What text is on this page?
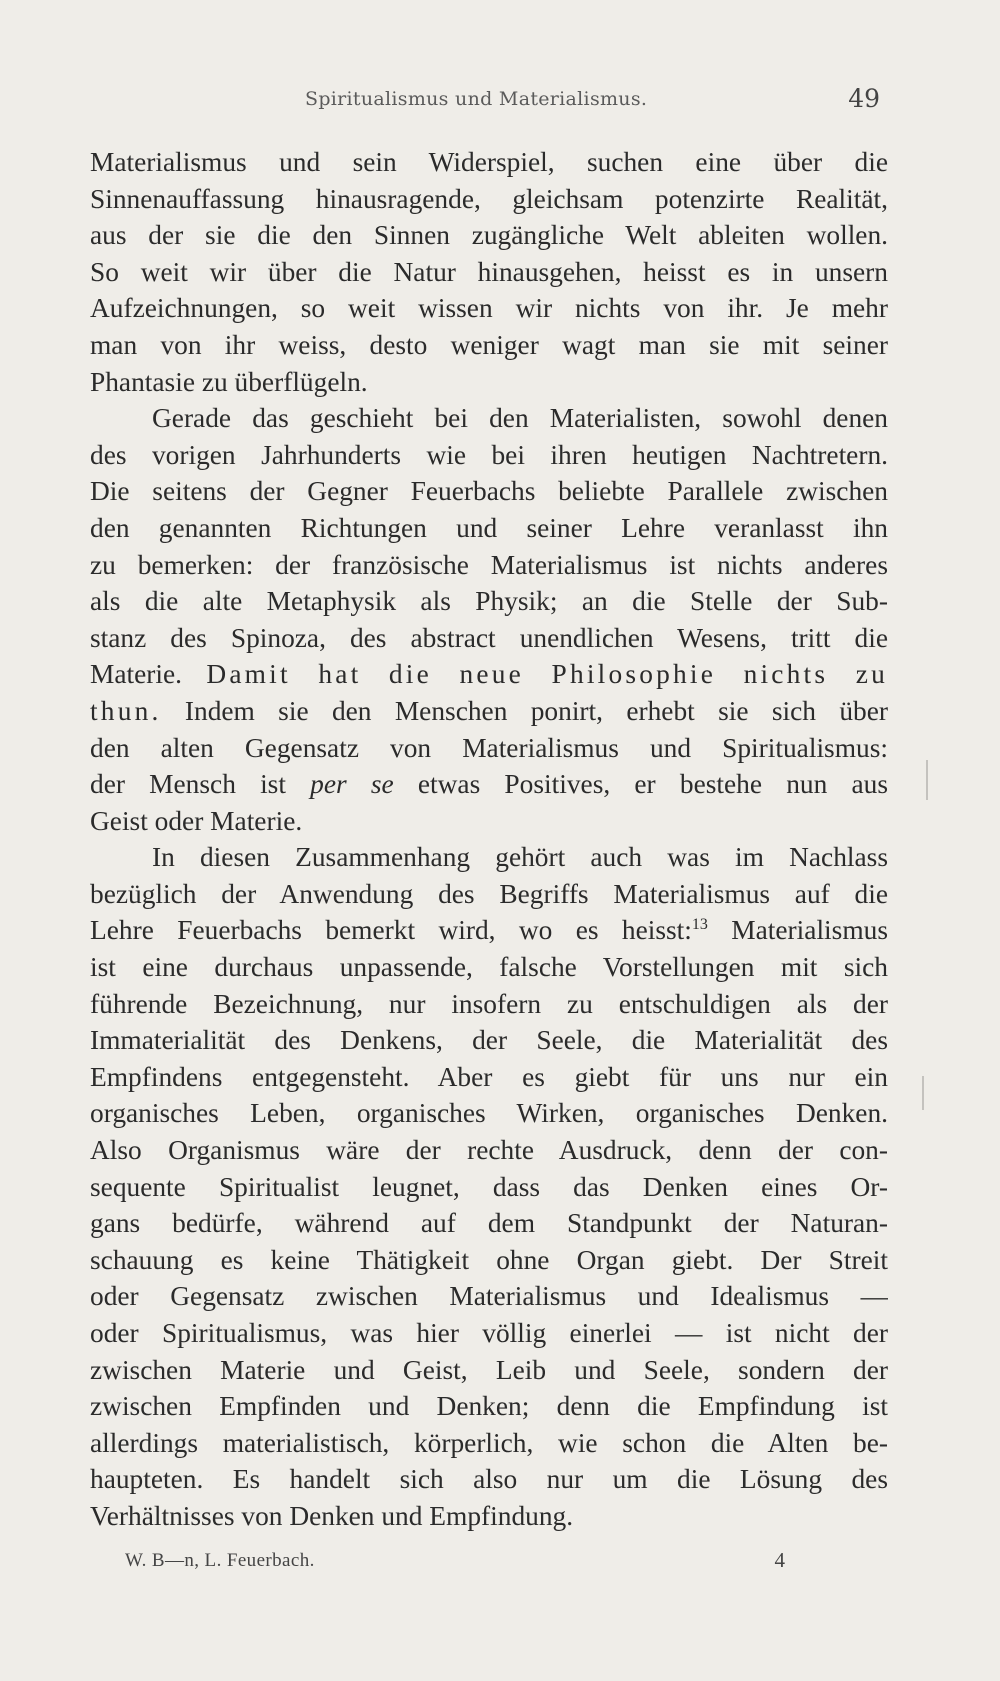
Spiritualismus und Materialismus.	49
Materialismus und sein Widerspiel, suchen eine über die
Sinnenauffassung hinausragende, gleichsam potenzirte Realität,
aus der sie die den Sinnen zugängliche Welt ableiten wollen.
So weit wir über die Natur hinausgehen, heisst es in unsern
Aufzeichnungen, so weit wissen wir nichts von ihr. Je mehr
man von ihr weiss, desto weniger wagt man sie mit seiner
Phantasie zu überflügeln.
Gerade das geschieht bei den Materialisten, sowohl denen
des vorigen Jahrhunderts wie bei ihren heutigen Nachtretern.
Die seitens der Gegner Feuerbachs beliebte Parallele zwischen
den genannten Richtungen und seiner Lehre veranlasst ihn
zu bemerken: der französische Materialismus ist nichts anderes
als die alte Metaphysik als Physik; an die Stelle der Sub-
stanz des Spinoza, des abstract unendlichen Wesens, tritt die
Materie. Damit hat die neue Philosophie nichts zu
thun. Indem sie den Menschen ponirt, erhebt sie sich über
den alten Gegensatz von Materialismus und Spiritualismus:
der Mensch ist per se etwas Positives, er bestehe nun aus
Geist oder Materie.
In diesen Zusammenhang gehört auch was im Nachlass
bezüglich der Anwendung des Begriffs Materialismus auf die
Lehre Feuerbachs bemerkt wird, wo es heisst:$^{13}$ Materialismus
ist eine durchaus unpassende, falsche Vorstellungen mit sich
führende Bezeichnung, nur insofern zu entschuldigen als der
Immaterialität des Denkens, der Seele, die Materialität des
Empfindens entgegensteht. Aber es giebt für uns nur ein
organisches Leben, organisches Wirken, organisches Denken.
Also Organismus wäre der rechte Ausdruck, denn der con-
sequente Spiritualist leugnet, dass das Denken eines Or-
gans bedürfe, während auf dem Standpunkt der Naturan-
schauung es keine Thätigkeit ohne Organ giebt. Der Streit
oder Gegensatz zwischen Materialismus und Idealismus —
oder Spiritualismus, was hier völlig einerlei — ist nicht der
zwischen Materie und Geist, Leib und Seele, sondern der
zwischen Empfinden und Denken; denn die Empfindung ist
allerdings materialistisch, körperlich, wie schon die Alten be-
haupteten. Es handelt sich also nur um die Lösung des
Verhältnisses von Denken und Empfindung.
W. B—n, L. Feuerbach.	4
